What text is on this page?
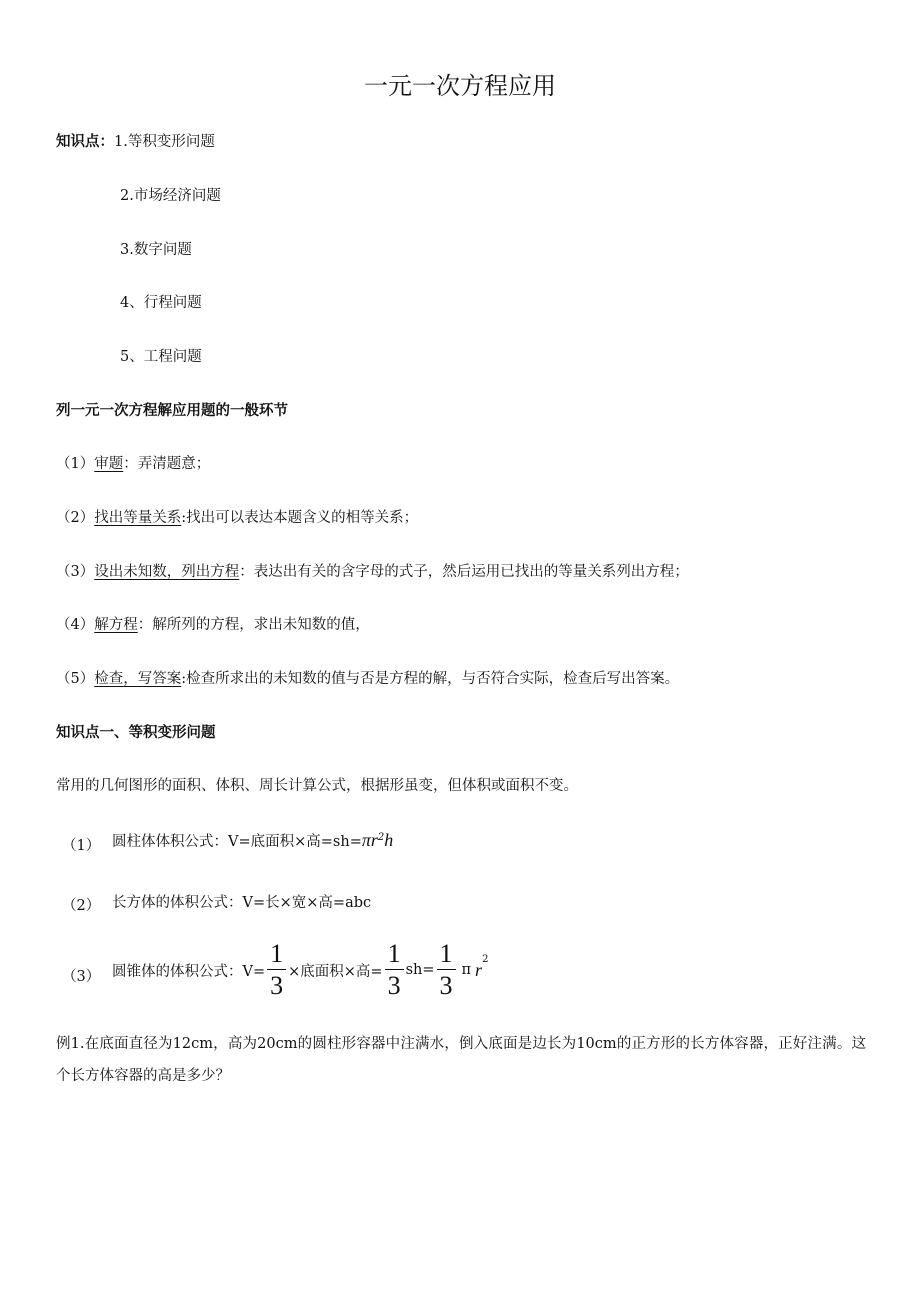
一元一次方程应用
知识点：1.等积变形问题
2.市场经济问题
3.数字问题
4、行程问题
5、工程问题
列一元一次方程解应用题的一般环节
（1）审题：弄清题意；
（2）找出等量关系:找出可以表达本题含义的相等关系；
（3）设出未知数，列出方程：表达出有关的含字母的式子，然后运用已找出的等量关系列出方程；
（4）解方程：解所列的方程，求出未知数的值，
（5）检查，写答案:检查所求出的未知数的值与否是方程的解，与否符合实际，检查后写出答案。
知识点一、等积变形问题
常用的几何图形的面积、体积、周长计算公式，根据形虽变，但体积或面积不变。
（1） 圆柱体体积公式：V=底面积×高$=sh=\pi r^2h$
（2） 长方体的体积公式：V=长×宽×高=abc
（3） 圆锥体的体积公式：$V= \frac{1}{3}$ ×底面积×高= $\frac{1}{3} sh= \frac{1}{3}$ π $r^2$
例1.在底面直径为12cm，高为20cm的圆柱形容器中注满水，倒入底面是边长为10cm的正方形的长方体容器，正好注满。这个长方体容器的高是多少？
